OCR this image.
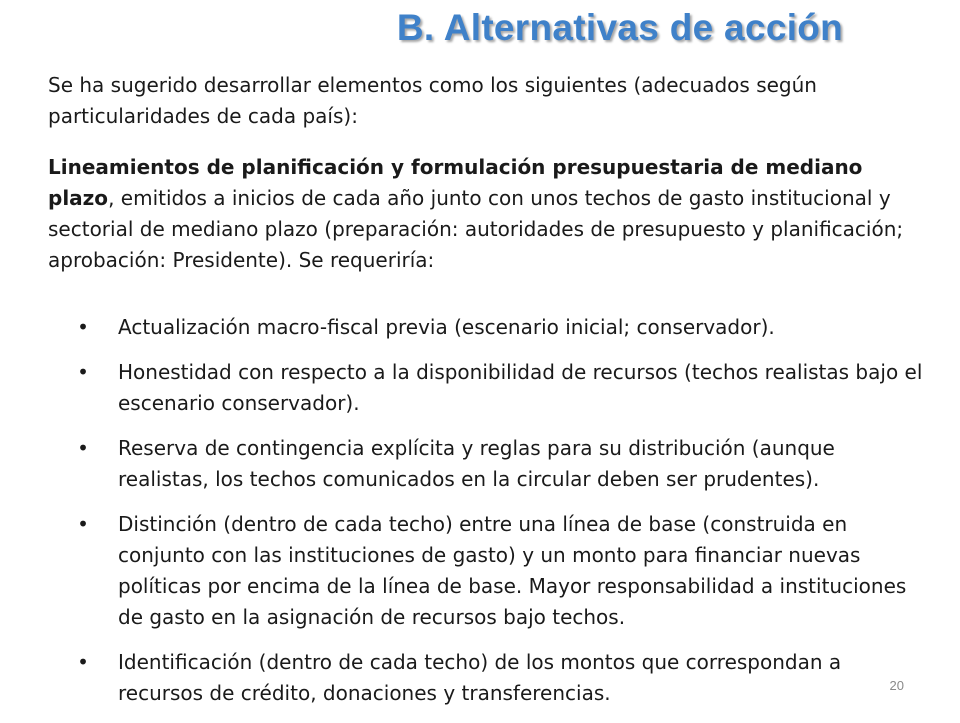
B. Alternativas de acción

Se ha sugerido desarrollar elementos como los siguientes (adecuados según particularidades de cada país):

Lineamientos de planificación y formulación presupuestaria de mediano plazo, emitidos a inicios de cada año junto con unos techos de gasto institucional y sectorial de mediano plazo (preparación: autoridades de presupuesto y planificación; aprobación: Presidente). Se requeriría:

• Actualización macro-fiscal previa (escenario inicial; conservador).
• Honestidad con respecto a la disponibilidad de recursos (techos realistas bajo el escenario conservador).
• Reserva de contingencia explícita y reglas para su distribución (aunque realistas, los techos comunicados en la circular deben ser prudentes).
• Distinción (dentro de cada techo) entre una línea de base (construida en conjunto con las instituciones de gasto) y un monto para financiar nuevas políticas por encima de la línea de base. Mayor responsabilidad a instituciones de gasto en la asignación de recursos bajo techos.
• Identificación (dentro de cada techo) de los montos que correspondan a recursos de crédito, donaciones y transferencias.	20
